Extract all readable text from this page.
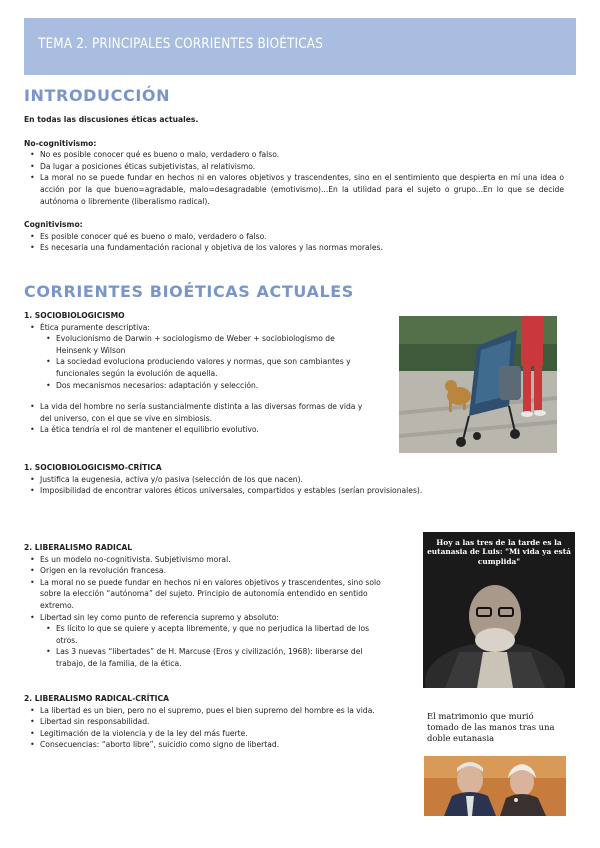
TEMA 2. PRINCIPALES CORRIENTES BIOÉTICAS
INTRODUCCIÓN

En todas las discusiones éticas actuales.

No-cognitivismo:

• No es posible conocer qué es bueno o malo, verdadero o falso.
• Da lugar a posiciones éticas subjetivistas, al relativismo.
• La moral no se puede fundar en hechos ni en valores objetivos y trascendentes, sino en el sentimiento que despierta en mí una idea o acción por la que bueno=agradable, malo=desagradable (emotivismo)...En la utilidad para el sujeto o grupo...En lo que se decide autónoma o libremente (liberalismo radical).

Cognitivismo:

• Es posible conocer qué es bueno o malo, verdadero o falso.
• Es necesaria una fundamentación racional y objetiva de los valores y las normas morales.
CORRIENTES BIOÉTICAS ACTUALES

1. SOCIOBIOLOGICISMO

• Ética puramente descriptiva:
• Evolucionismo de Darwin + sociologismo de Weber + sociobiologismo de Heinsenk y Wilson
• La sociedad evoluciona produciendo valores y normas, que son cambiantes y funcionales según la evolución de aquella.
• Dos mecanismos necesarios: adaptación y selección.
• La vida del hombre no sería sustancialmente distinta a las diversas formas de vida y del universo, con el que se vive en simbiosis.
• La ética tendría el rol de mantener el equilibrio evolutivo.

1. SOCIOBIOLOGICISMO-CRÍTICA

• Justifica la eugenesia, activa y/o pasiva (selección de los que nacen).
• Imposibilidad de encontrar valores éticos universales, compartidos y estables (serían provisionales).

2. LIBERALISMO RADICAL

• Es un modelo no-cognitivista. Subjetivismo moral.
• Origen en la revolución francesa.
• La moral no se puede fundar en hechos ni en valores objetivos y trascendentes, sino solo sobre la elección “autónoma” del sujeto. Principio de autonomía entendido en sentido extremo.
• Libertad sin ley como punto de referencia supremo y absoluto:
• Es lícito lo que se quiere y acepta libremente, y que no perjudica la libertad de los otros.
• Las 3 nuevas “libertades” de H. Marcuse (Eros y civilización, 1968): liberarse del trabajo, de la familia, de la ética.

2. LIBERALISMO RADICAL-CRÍTICA

• La libertad es un bien, pero no el supremo, pues el bien supremo del hombre es la vida.
• Libertad sin responsabilidad.
• Legitimación de la violencia y de la ley del más fuerte.
• Consecuencias: “aborto libre”, suicidio como signo de libertad.
Hoy a las tres de la tarde es la eutanasia de Luis: "Mi vida ya está cumplida"
El matrimonio que murió tomado de las manos tras una doble eutanasia
